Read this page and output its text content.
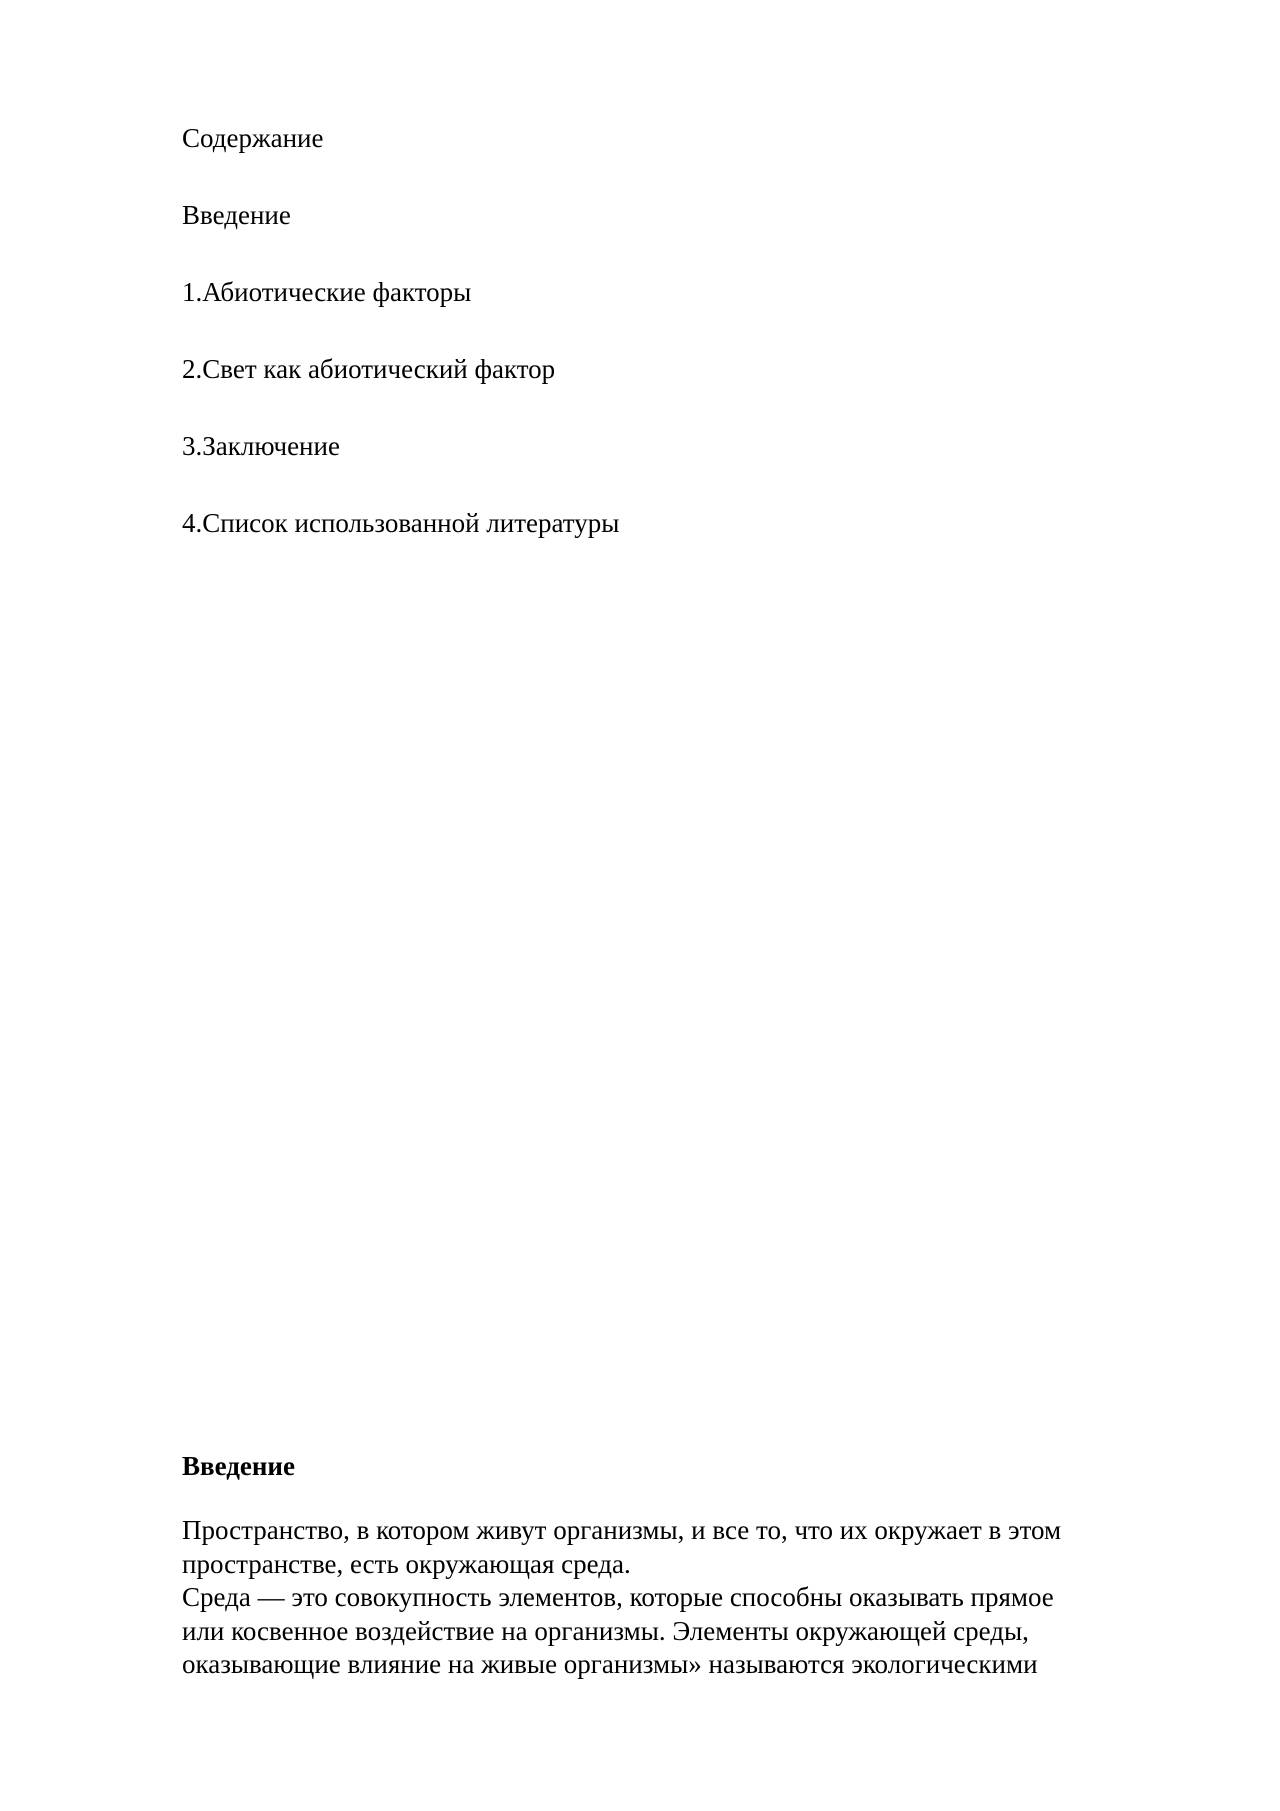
Содержание
Введение
1.Абиотические факторы
2.Свет как абиотический фактор
3.Заключение
4.Список использованной литературы
Введение

Пространство, в котором живут организмы, и все то, что их окружает в этом

пространстве, есть окружающая среда.

Среда — это совокупность элементов, которые способны оказывать прямое

или косвенное воздействие на организмы. Элементы окружающей среды,

оказывающие влияние на живые организмы» называются экологическими
